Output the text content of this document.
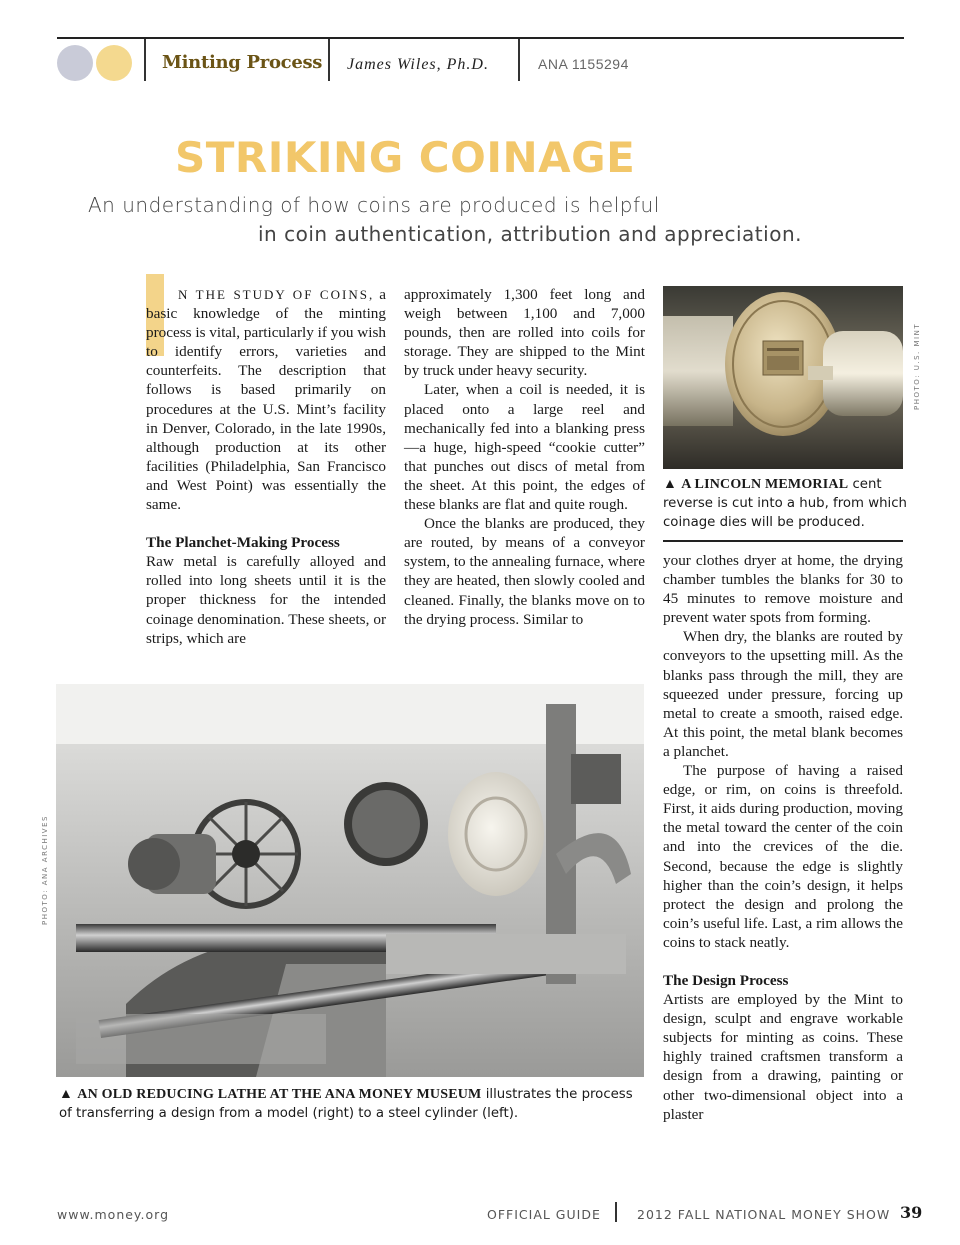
Minting Process James Wiles, Ph.D.	ANA 1155294
STRIKING COINAGE
An understanding of how coins are produced is helpful
in coin authentication, attribution and appreciation.

N THE STUDY OF COINS, a basic knowledge of the minting process is vital, particularly if you wish to identify errors, varieties and counterfeits. The description that follows is based primarily on procedures at the U.S. Mint’s facility in Denver, Colorado, in the late 1990s, although production at its other facilities (Philadelphia, San Francisco and West Point) was essentially the same.

The Planchet-Making Process

Raw metal is carefully alloyed and rolled into long sheets until it is the proper thickness for the intended coinage denomination. These sheets, or strips, which are

approximately 1,300 feet long and weigh between 1,100 and 7,000 pounds, then are rolled into coils for storage. They are shipped to the Mint by truck under heavy security.

Later, when a coil is needed, it is placed onto a large reel and mechanically fed into a blanking press—a huge, high-speed “cookie cutter” that punches out discs of metal from the sheet. At this point, the edges of these blanks are flat and quite rough.

Once the blanks are produced, they are routed, by means of a conveyor system, to the annealing furnace, where they are heated, then slowly cooled and cleaned. Finally, the blanks move on to the drying process. Similar to

PHOTO: U.S. MINT
▲ A LINCOLN MEMORIAL cent reverse is cut into a hub, from which coinage dies will be produced.

your clothes dryer at home, the drying chamber tumbles the blanks for 30 to 45 minutes to remove moisture and prevent water spots from forming.

When dry, the blanks are routed by conveyors to the upsetting mill. As the blanks pass through the mill, they are squeezed under pressure, forcing up metal to create a smooth, raised edge. At this point, the metal blank becomes a planchet.

The purpose of having a raised edge, or rim, on coins is threefold. First, it aids during production, moving the metal toward the center of the coin and into the crevices of the die. Second, because the edge is slightly higher than the coin’s design, it helps protect the design and prolong the coin’s useful life. Last, a rim allows the coins to stack neatly.

The Design Process

Artists are employed by the Mint to design, sculpt and engrave workable subjects for minting as coins. These highly trained craftsmen transform a design from a drawing, painting or other two-dimensional object into a plaster

PHOTO: ANA ARCHIVES
▲ AN OLD REDUCING LATHE AT THE ANA MONEY MUSEUM illustrates the process of transferring a design from a model (right) to a steel cylinder (left).
www.money.org	OFFICIAL GUIDE	2012 FALL NATIONAL MONEY SHOW 39
